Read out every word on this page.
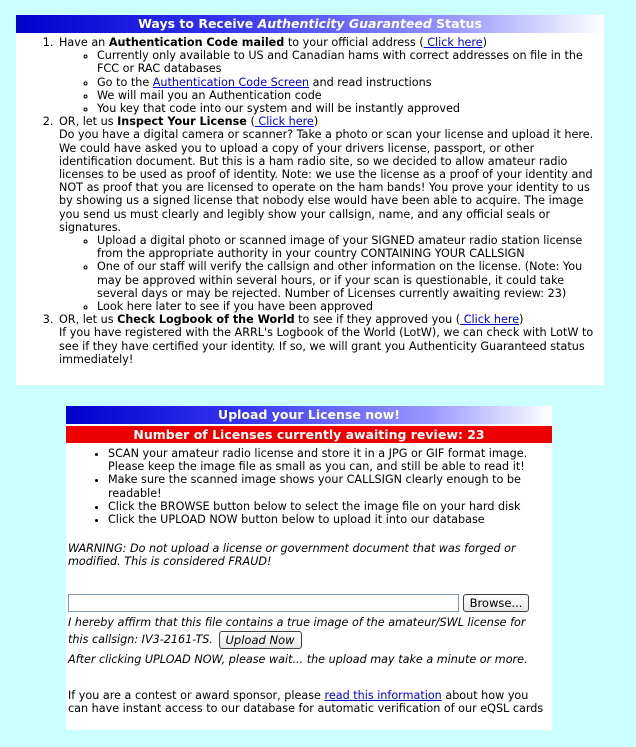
Ways to Receive Authenticity Guaranteed Status
1. Have an Authentication Code mailed to your official address ( Click here)
◦ Currently only available to US and Canadian hams with correct addresses on file in the FCC or RAC databases
◦ Go to the Authentication Code Screen and read instructions
◦ We will mail you an Authentication code
◦ You key that code into our system and will be instantly approved
2. OR, let us Inspect Your License ( Click here)

Do you have a digital camera or scanner? Take a photo or scan your license and upload it here. We could have asked you to upload a copy of your drivers license, passport, or other identification document. But this is a ham radio site, so we decided to allow amateur radio licenses to be used as proof of identity. Note: we use the license as a proof of your identity and NOT as proof that you are licensed to operate on the ham bands! You prove your identity to us by showing us a signed license that nobody else would have been able to acquire. The image you send us must clearly and legibly show your callsign, name, and any official seals or signatures.

◦ Upload a digital photo or scanned image of your SIGNED amateur radio station license from the appropriate authority in your country CONTAINING YOUR CALLSIGN
◦ One of our staff will verify the callsign and other information on the license. (Note: You may be approved within several hours, or if your scan is questionable, it could take several days or may be rejected. Number of Licenses currently awaiting review: 23)
◦ Look here later to see if you have been approved
3. OR, let us Check Logbook of the World to see if they approved you ( Click here)

If you have registered with the ARRL's Logbook of the World (LotW), we can check with LotW to see if they have certified your identity. If so, we will grant you Authenticity Guaranteed status immediately!

Upload your License now!
Number of Licenses currently awaiting review: 23
• SCAN your amateur radio license and store it in a JPG or GIF format image. Please keep the image file as small as you can, and still be able to read it!
• Make sure the scanned image shows your CALLSIGN clearly enough to be readable!
• Click the BROWSE button below to select the image file on your hard disk
• Click the UPLOAD NOW button below to upload it into our database
WARNING: Do not upload a license or government document that was forged or modified. This is considered FRAUD!
Browse...
I hereby affirm that this file contains a true image of the amateur/SWL license for this callsign: IV3-2161-TS. Upload Now
After clicking UPLOAD NOW, please wait... the upload may take a minute or more.
If you are a contest or award sponsor, please read this information about how you can have instant access to our database for automatic verification of our eQSL cards
